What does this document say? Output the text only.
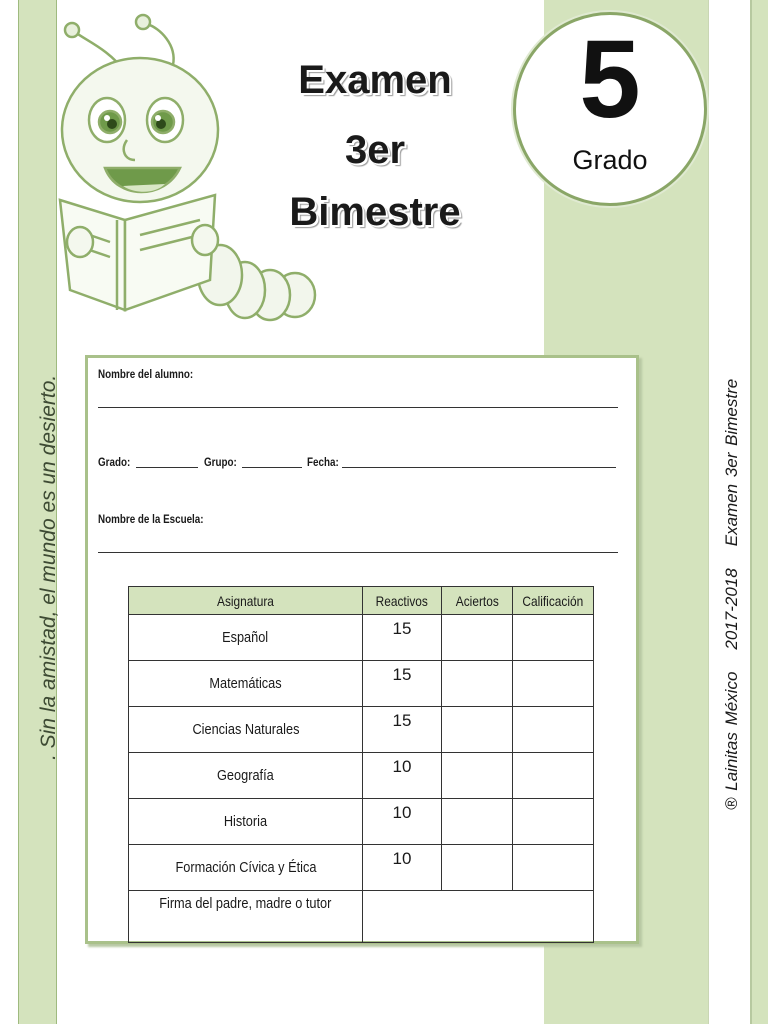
. Sin la amistad, el mundo es un desierto.	® Lainitas México2017-2018Examen 3er Bimestre
Examen
3er
Bimestre
5
Grado
Nombre del alumno:
Grado:	Grupo:	Fecha:
Nombre de la Escuela:
Asignatura	Reactivos	Aciertos	Calificación
Español	15		
Matemáticas	15		
Ciencias Naturales	15		
Geografía	10		
Historia	10		
Formación Cívica y Ética	10		
Firma del padre, madre o tutor			
